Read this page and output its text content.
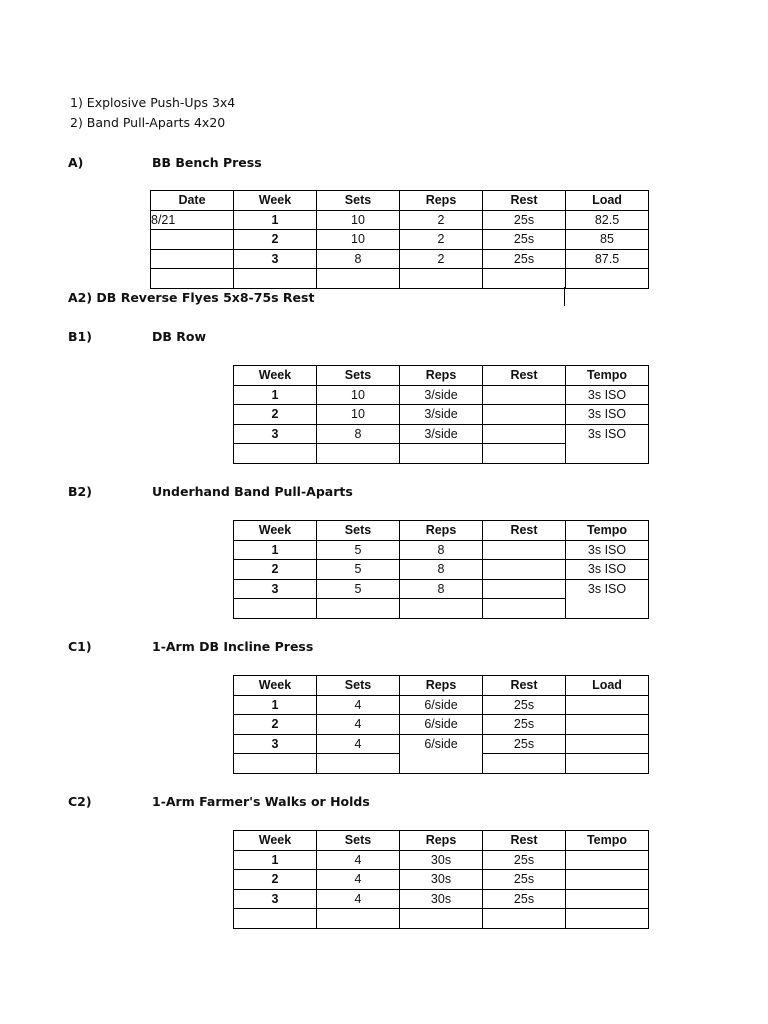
1) Explosive Push-Ups 3x4
2) Band Pull-Aparts 4x20
A)	BB Bench Press
Date	Week	Sets	Reps	Rest	Load
8/21	1	10	2	25s	82.5
	2	10	2	25s	85
	3	8	2	25s	87.5

A2) DB Reverse Flyes 5x8-75s Rest
B1)	DB Row
Week	Sets	Reps	Rest	Tempo
1	10	3/side		3s ISO
2	10	3/side		3s ISO
3	8	3/side		3s ISO

B2)	Underhand Band Pull-Aparts
Week	Sets	Reps	Rest	Tempo
1	5	8		3s ISO
2	5	8		3s ISO
3	5	8		3s ISO

C1)	1-Arm DB Incline Press
Week	Sets	Reps	Rest	Load
1	4	6/side	25s	
2	4	6/side	25s	
3	4	6/side	25s	

C2)	1-Arm Farmer's Walks or Holds
Week	Sets	Reps	Rest	Tempo
1	4	30s	25s	
2	4	30s	25s	
3	4	30s	25s	
